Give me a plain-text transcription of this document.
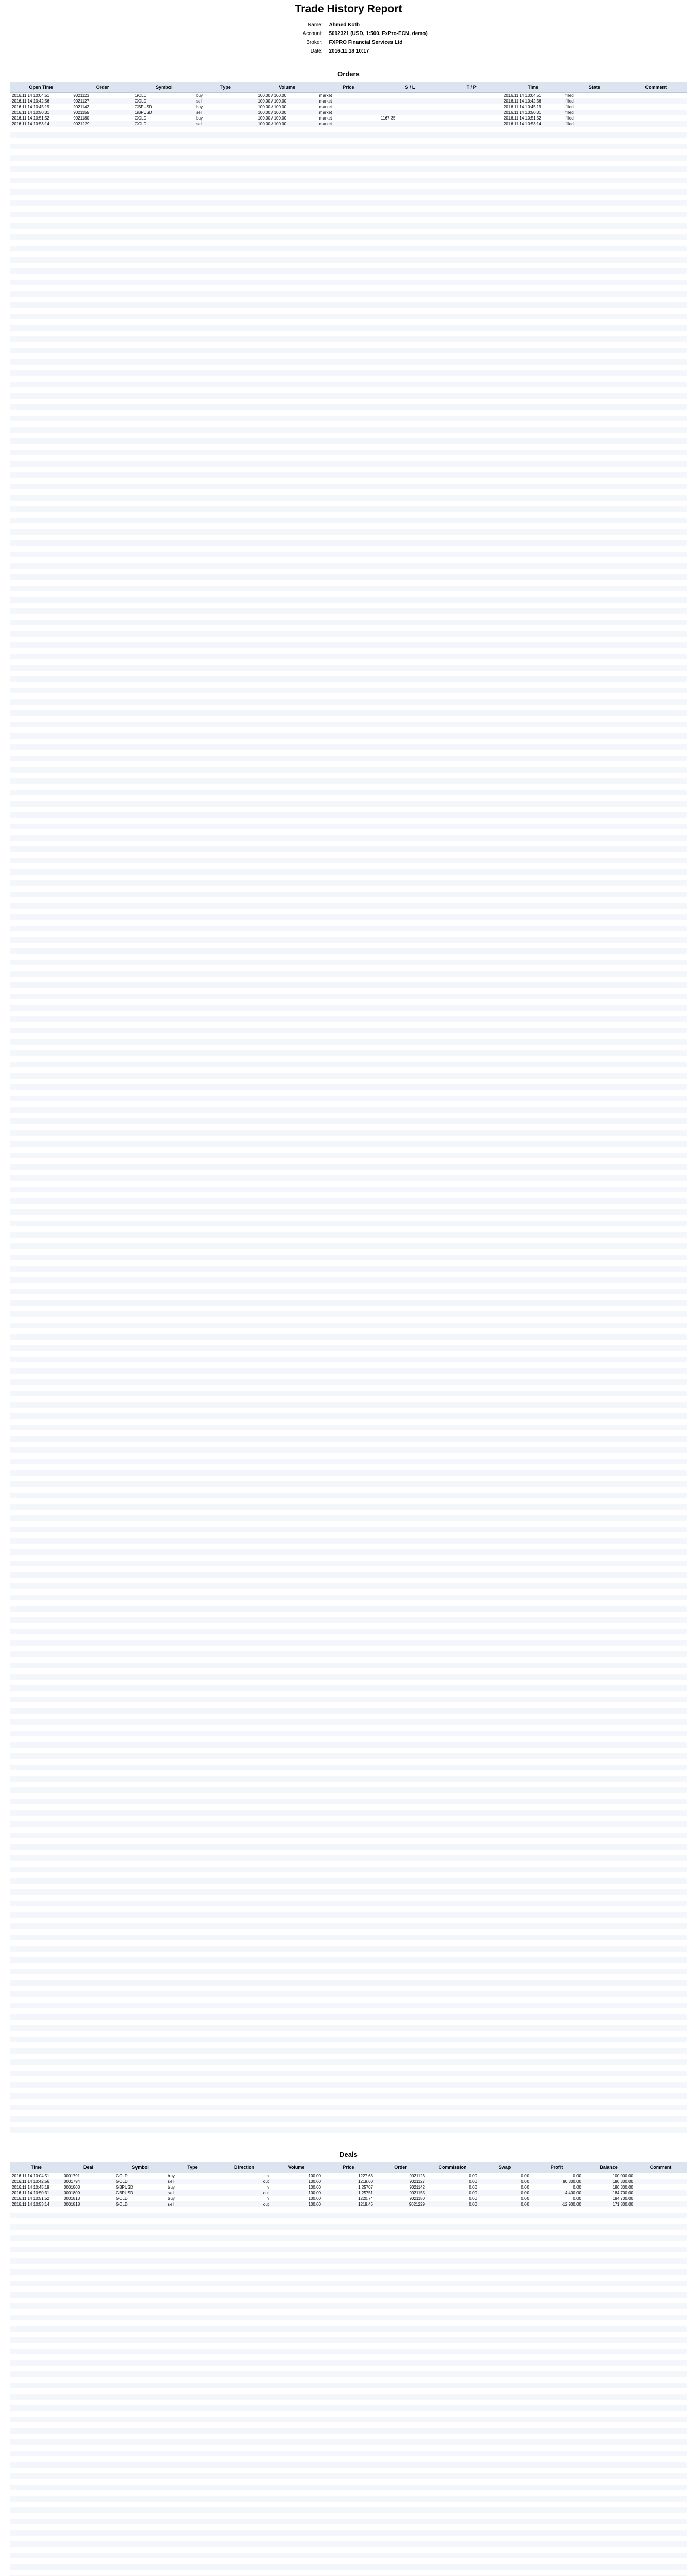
Trade History Report
Name:	Ahmed Kotb
Account:	5092321 (USD, 1:500, FxPro-ECN, demo)
Broker:	FXPRO Financial Services Ltd
Date:	2016.11.18 10:17
Orders
Open Time	Order	Symbol	Type	Volume	Price	S / L	T / P	Time	State	Comment
2016.11.14 10:04:51	9021123	GOLD	buy	100.00 / 100.00	market			2016.11.14 10:04:51	filled	
2016.11.14 10:42:56	9021127	GOLD	sell	100.00 / 100.00	market			2016.11.14 10:42:56	filled	
2016.11.14 10:45:19	9021142	GBPUSD	buy	100.00 / 100.00	market			2016.11.14 10:45:19	filled	
2016.11.14 10:50:31	9021155	GBPUSD	sell	100.00 / 100.00	market			2016.11.14 10:50:31	filled	
2016.11.14 10:51:52	9021180	GOLD	buy	100.00 / 100.00	market	1167.35		2016.11.14 10:51:52	filled	
2016.11.14 10:53:14	9021229	GOLD	sell	100.00 / 100.00	market			2016.11.14 10:53:14	filled	
Deals
Time	Deal	Symbol	Type	Direction	Volume	Price	Order	Commission	Swap	Profit	Balance	Comment
2016.11.14 10:04:51	0001791	GOLD	buy	in	100.00	1227.63	9021123	0.00	0.00	0.00	100 000.00	
2016.11.14 10:42:56	0001794	GOLD	sell	out	100.00	1219.60	9021127	0.00	0.00	80 300.00	180 300.00	
2016.11.14 10:45:19	0001803	GBPUSD	buy	in	100.00	1.25707	9021142	0.00	0.00	0.00	180 300.00	
2016.11.14 10:50:31	0001809	GBPUSD	sell	out	100.00	1.25751	9021155	0.00	0.00	4 400.00	184 700.00	
2016.11.14 10:51:52	0001813	GOLD	buy	in	100.00	1220.74	9021180	0.00	0.00	0.00	184 700.00	
2016.11.14 10:53:14	0001818	GOLD	sell	out	100.00	1219.45	9021229	0.00	0.00	-12 900.00	171 800.00	
